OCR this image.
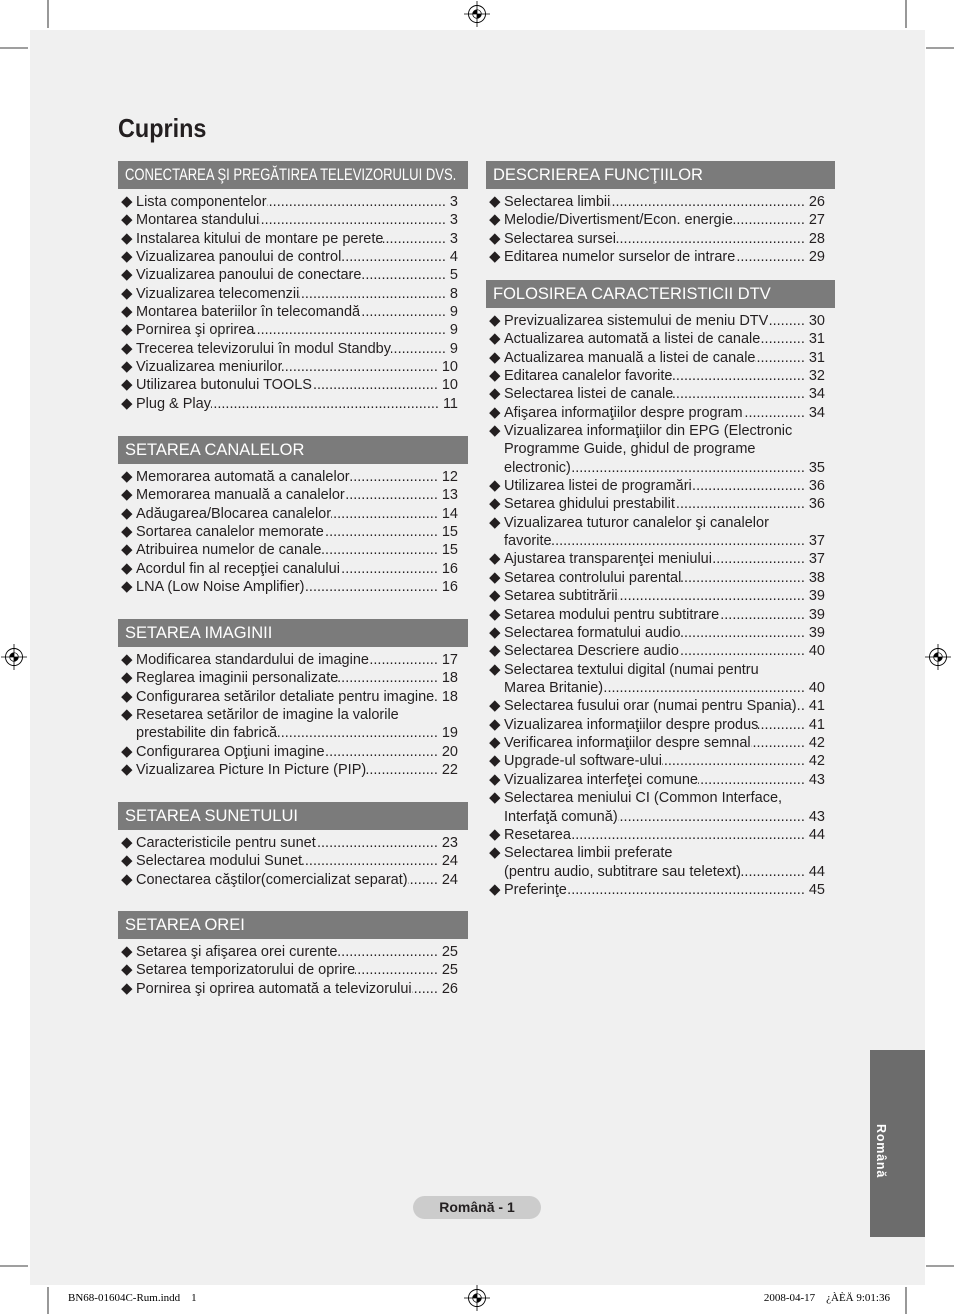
Cuprins
CONECTAREA ŞI PREGĂTIREA TELEVIZORULUI DVS.
Lista componentelor .....	3
Montarea standului .....	3
Instalarea kitului de montare pe perete .....	3
Vizualizarea panoului de control .....	4
Vizualizarea panoului de conectare .....	5
Vizualizarea telecomenzii .....	8
Montarea bateriilor în telecomandă .....	9
Pornirea şi oprirea .....	9
Trecerea televizorului în modul Standby .....	9
Vizualizarea meniurilor .....	10
Utilizarea butonului TOOLS .....	10
Plug & Play .....	11
SETAREA CANALELOR
Memorarea automată a canalelor .....	12
Memorarea manuală a canalelor .....	13
Adăugarea/Blocarea canalelor .....	14
Sortarea canalelor memorate .....	15
Atribuirea numelor de canale .....	15
Acordul fin al recepţiei canalului .....	16
LNA (Low Noise Amplifier) .....	16
SETAREA IMAGINII
Modificarea standardului de imagine .....	17
Reglarea imaginii personalizate .....	18
Configurarea setărilor detaliate pentru imagine ..... 18
Resetarea setărilor de imagine la valorile
prestabilite din fabrică .....	19
Configurarea Opţiuni imagine .....	20
Vizualizarea Picture In Picture (PIP) .....	22
SETAREA SUNETULUI
Caracteristicile pentru sunet .....	23
Selectarea modului Sunet .....	24
Conectarea căştilor(comercializat separat) ..... 24
SETAREA OREI
Setarea şi afişarea orei curente .....	25
Setarea temporizatorului de oprire .....	25
Pornirea şi oprirea automată a televizorului ..... 26
DESCRIEREA FUNCŢIILOR
Selectarea limbii .....	26
Melodie/Divertisment/Econ. energie .....	27
Selectarea sursei .....	28
Editarea numelor surselor de intrare .....	29
FOLOSIREA CARACTERISTICII DTV
Previzualizarea sistemului de meniu DTV .....	30
Actualizarea automată a listei de canale .....	31
Actualizarea manuală a listei de canale .....	31
Editarea canalelor favorite .....	32
Selectarea listei de canale .....	34
Afişarea informaţiilor despre program .....	34
Vizualizarea informaţiilor din EPG (Electronic
Programme Guide, ghidul de programe
electronic) .....	35
Utilizarea listei de programări .....	36
Setarea ghidului prestabilit .....	36
Vizualizarea tuturor canalelor şi canalelor
favorite .....	37
Ajustarea transparenţei meniului .....	37
Setarea controlului parental .....	38
Setarea subtitrării .....	39
Setarea modului pentru subtitrare .....	39
Selectarea formatului audio .....	39
Selectarea Descriere audio .....	40
Selectarea textului digital (numai pentru
Marea Britanie) .....	40
Selectarea fusului orar (numai pentru Spania). ..... 41
Vizualizarea informaţiilor despre produs .....	41
Verificarea informaţiilor despre semnal .....	42
Upgrade-ul software-ului .....	42
Vizualizarea interfeţei comune .....	43
Selectarea meniului CI (Common Interface,
Interfaţă comună) .....	43
Resetarea .....	44
Selectarea limbii preferate
(pentru audio, subtitrare sau teletext) .....	44
Preferinţe .....	45
Română
Română - 1
BN68-01604C-Rum.indd 1	2008-04-17 ¿ÀÈÄ 9:01:36
